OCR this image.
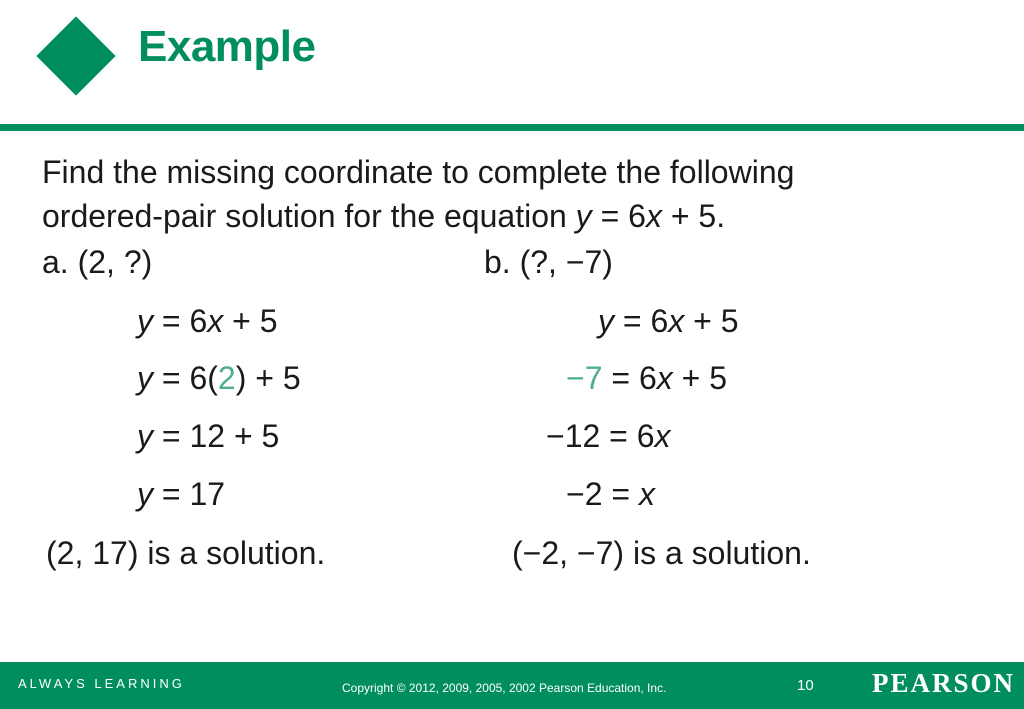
Example
Find the missing coordinate to complete the following
ordered-pair solution for the equation y = 6x + 5.
a. (2, ?)	b. (?, −7)
y = 6x + 5
y = 6(2) + 5
y = 12 + 5
y = 17
(2, 17) is a solution.
y = 6x + 5
−7 = 6x + 5
−12 = 6x
−2 = x
(−2, −7) is a solution.
ALWAYS LEARNING	Copyright © 2012, 2009, 2005, 2002 Pearson Education, Inc.	10 PEARSON
